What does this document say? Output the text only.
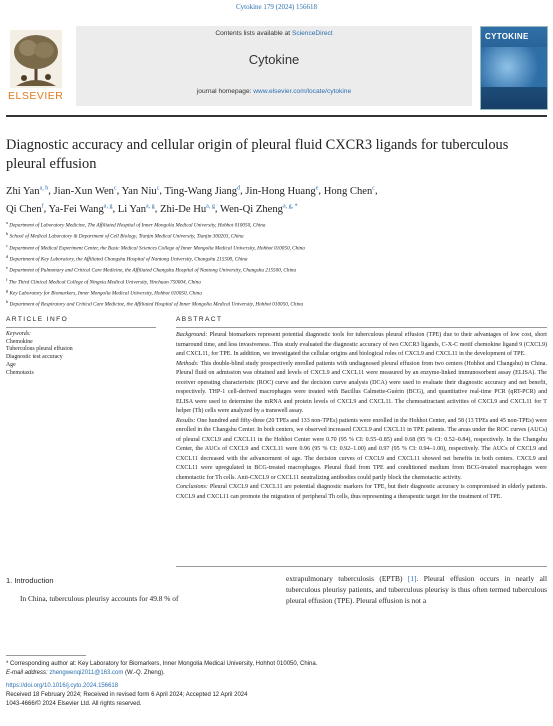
Cytokine 179 (2024) 156618
ELSEVIER
Contents lists available at ScienceDirect
Cytokine
journal homepage: www.elsevier.com/locate/cytokine
CYTOKINE
Diagnostic accuracy and cellular origin of pleural fluid CXCR3 ligands for tuberculous pleural effusion
Zhi Yan$^{a, b}$, Jian-Xun Wen$^c$, Yan Niu$^c$, Ting-Wang Jiang$^d$, Jin-Hong Huang$^e$, Hong Chen$^c$,
Qi Chen$^f$, Ya-Fei Wang$^{a, g}$, Li Yan$^{a, g}$, Zhi-De Hu$^{a, g}$, Wen-Qi Zheng$^{a, g, *}$
$^a$ Department of Laboratory Medicine, The Affiliated Hospital of Inner Mongolia Medical University, Hohhot 010050, China
$^b$ School of Medical Laboratory & Department of Cell Biology, Tianjin Medical University, Tianjin 300203, China
$^c$ Department of Medical Experiment Center, the Basic Medical Sciences College of Inner Mongolia Medical University, Hohhot 010050, China
$^d$ Department of Key Laboratory, the Affiliated Changshu Hospital of Nantong University, Changshu 215500, China
$^e$ Department of Pulmonary and Critical Care Medicine, the Affiliated Changshu Hospital of Nantong University, Changshu 215500, China
$^f$ The Third Clinical Medical College of Ningxia Medical University, Yinchuan 750004, China
$^g$ Key Laboratory for Biomarkers, Inner Mongolia Medical University, Hohhot 010050, China
$^h$ Department of Respiratory and Critical Care Medicine, the Affiliated Hospital of Inner Mongolia Medical University, Hohhot 010050, China
ARTICLE INFO	ABSTRACT
Keywords:
Chemokine
Tuberculous pleural effusion
Diagnostic test accuracy
Age
Chemotaxis

Background: Pleural biomarkers represent potential diagnostic tools for tuberculous pleural effusion (TPE) due to their advantages of low cost, short turnaround time, and less invasiveness. This study evaluated the diagnostic accuracy of two CXCR3 ligands, C-X-C motif chemokine ligand 9 (CXCL9) and CXCL11, for TPE. In addition, we investigated the cellular origins and biological roles of CXCL9 and CXCL11 in the development of TPE.

Methods: This double-blind study prospectively enrolled patients with undiagnosed pleural effusion from two centers (Hohhot and Changshu) in China. Pleural fluid on admission was obtained and levels of CXCL9 and CXCL11 were measured by an enzyme-linked immunosorbent assay (ELISA). The receiver operating characteristic (ROC) curve and the decision curve analysis (DCA) were used to evaluate their diagnostic accuracy and net benefit, respectively. THP-1 cell-derived macrophages were treated with Bacillus Calmette-Guérin (BCG), and quantitative real-time PCR (qRT-PCR) and ELISA were used to determine the mRNA and protein levels of CXCL9 and CXCL11. The chemoattractant activities of CXCL9 and CXCL11 for T helper (Th) cells were analyzed by a transwell assay.

Results: One hundred and fifty-three (20 TPEs and 133 non-TPEs) patients were enrolled in the Hohhot Center, and 58 (13 TPEs and 45 non-TPEs) were enrolled in the Changshu Center. In both centers, we observed increased CXCL9 and CXCL11 in TPE patients. The areas under the ROC curves (AUCs) of pleural CXCL9 and CXCL11 in the Hohhot Center were 0.70 (95 % CI: 0.55–0.85) and 0.68 (95 % CI: 0.52–0.84), respectively. In the Changshu Center, the AUCs of CXCL9 and CXCL11 were 0.96 (95 % CI: 0.92–1.00) and 0.97 (95 % CI: 0.94–1.00), respectively. The AUCs of CXCL9 and CXCL11 decreased with the advancement of age. The decision curves of CXCL9 and CXCL11 showed net benefits in both centers. CXCL9 and CXCL11 were upregulated in BCG-treated macrophages. Pleural fluid from TPE and conditioned medium from BCG-treated macrophages were chemotactic for Th cells. Anti-CXCL9 or CXCL11 neutralizing antibodies could partly block the chemotactic activity.

Conclusions: Pleural CXCL9 and CXCL11 are potential diagnostic markers for TPE, but their diagnostic accuracy is compromised in elderly patients. CXCL9 and CXCL11 can promote the migration of peripheral Th cells, thus representing a therapeutic target for the treatment of TPE.

1. Introduction
In China, tuberculous pleurisy accounts for 49.8 % of
extrapulmonary tuberculosis (EPTB) [1]. Pleural effusion occurs in nearly all tuberculous pleurisy patients, and tuberculous pleurisy is thus often termed tuberculous pleural effusion (TPE). Pleural effusion is not a
* Corresponding author at: Key Laboratory for Biomarkers, Inner Mongolia Medical University, Hohhot 010050, China.
E-mail address: zhengwenqi2011@163.com (W.-Q. Zheng).
https://doi.org/10.1016/j.cyto.2024.156618
Received 18 February 2024; Received in revised form 6 April 2024; Accepted 12 April 2024
1043-4666/© 2024 Elsevier Ltd. All rights reserved.
